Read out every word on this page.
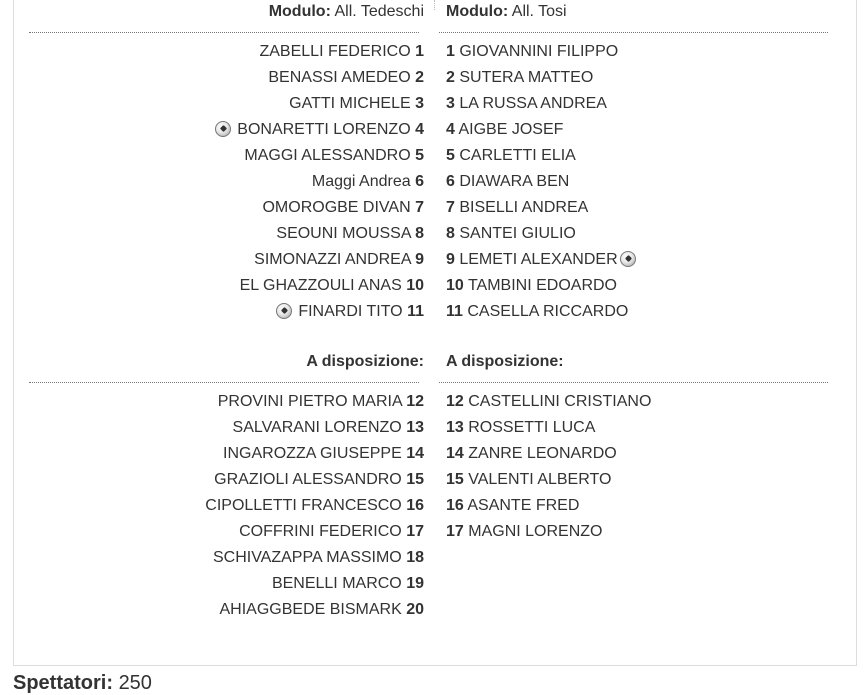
Modulo: All. Tedeschi
ZABELLI FEDERICO 1
BENASSI AMEDEO 2
GATTI MICHELE 3
BONARETTI LORENZO 4
MAGGI ALESSANDRO 5
Maggi Andrea 6
OMOROGBE DIVAN 7
SEOUNI MOUSSA 8
SIMONAZZI ANDREA 9
EL GHAZZOULI ANAS 10
FINARDI TITO 11
A disposizione:
PROVINI PIETRO MARIA 12
SALVARANI LORENZO 13
INGAROZZA GIUSEPPE 14
GRAZIOLI ALESSANDRO 15
CIPOLLETTI FRANCESCO 16
COFFRINI FEDERICO 17
SCHIVAZAPPA MASSIMO 18
BENELLI MARCO 19
AHIAGGBEDE BISMARK 20
Modulo: All. Tosi
1 GIOVANNINI FILIPPO
2 SUTERA MATTEO
3 LA RUSSA ANDREA
4 AIGBE JOSEF
5 CARLETTI ELIA
6 DIAWARA BEN
7 BISELLI ANDREA
8 SANTEI GIULIO
9 LEMETI ALEXANDER
10 TAMBINI EDOARDO
11 CASELLA RICCARDO
A disposizione:
12 CASTELLINI CRISTIANO
13 ROSSETTI LUCA
14 ZANRE LEONARDO
15 VALENTI ALBERTO
16 ASANTE FRED
17 MAGNI LORENZO
Spettatori: 250
